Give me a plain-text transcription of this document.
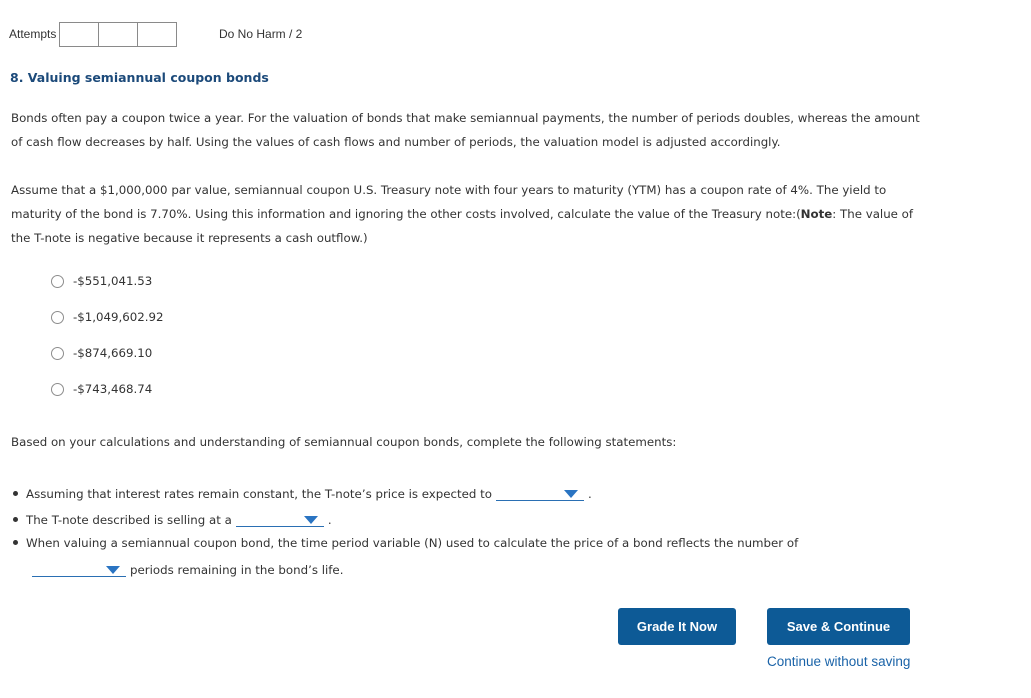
Attempts	Do No Harm / 2
8. Valuing semiannual coupon bonds

Bonds often pay a coupon twice a year. For the valuation of bonds that make semiannual payments, the number of periods doubles, whereas the amount of cash flow decreases by half. Using the values of cash flows and number of periods, the valuation model is adjusted accordingly.

Assume that a $1,000,000 par value, semiannual coupon U.S. Treasury note with four years to maturity (YTM) has a coupon rate of 4%. The yield to maturity of the bond is 7.70%. Using this information and ignoring the other costs involved, calculate the value of the Treasury note:(Note: The value of the T-note is negative because it represents a cash outflow.)

-$551,041.53
-$1,049,602.92
-$874,669.10
-$743,468.74

Based on your calculations and understanding of semiannual coupon bonds, complete the following statements:

Assuming that interest rates remain constant, the T-note’s price is expected to	.
The T-note described is selling at a	.
When valuing a semiannual coupon bond, the time period variable (N) used to calculate the price of a bond reflects the number of
periods remaining in the bond’s life.
Grade It Now	Save & Continue
Continue without saving
